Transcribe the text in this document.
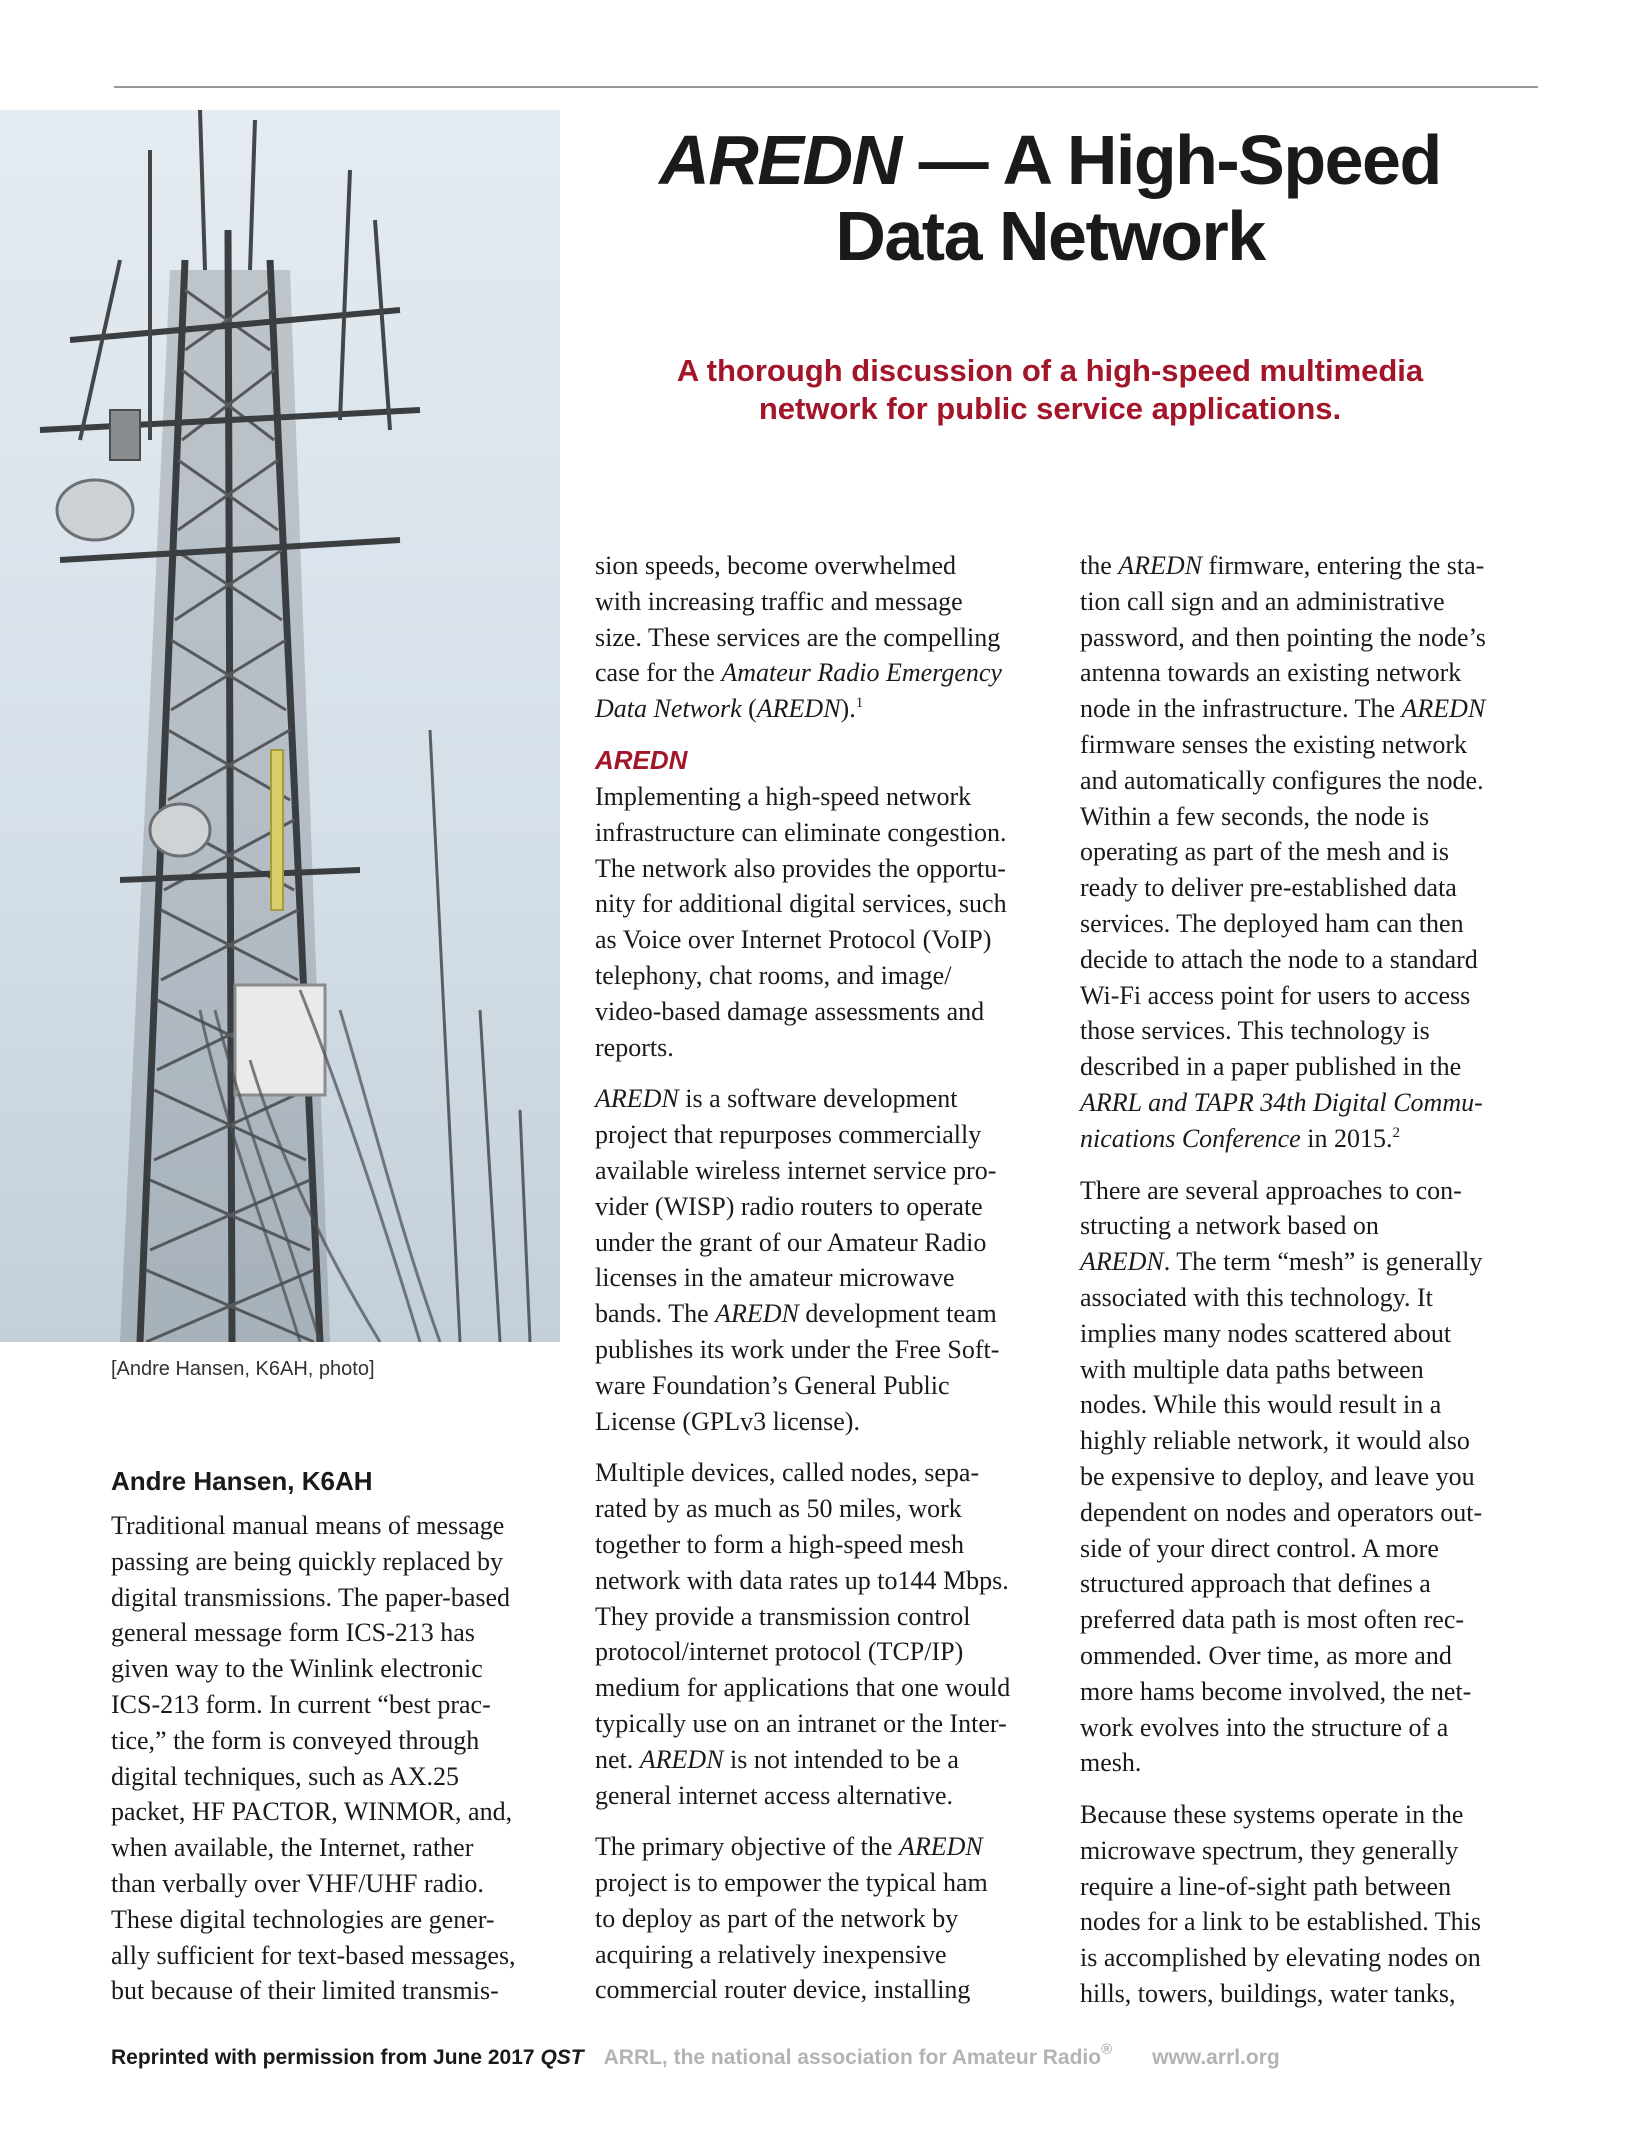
[Andre Hansen, K6AH, photo]
AREDN — A High-Speed
Data Network

A thorough discussion of a high-speed multimedia
network for public service applications.

Andre Hansen, K6AH

Traditional manual means of message
passing are being quickly replaced by
digital transmissions. The paper-based
general message form ICS-213 has
given way to the Winlink electronic
ICS-213 form. In current “best prac-
tice,” the form is conveyed through
digital techniques, such as AX.25
packet, HF PACTOR, WINMOR, and,
when available, the Internet, rather
than verbally over VHF/UHF radio.
These digital technologies are gener-
ally sufficient for text-based messages,
but because of their limited transmis-

sion speeds, become overwhelmed
with increasing traffic and message
size. These services are the compelling
case for the Amateur Radio Emergency
Data Network (AREDN).$^1$

AREDN

Implementing a high-speed network
infrastructure can eliminate congestion.
The network also provides the opportu-
nity for additional digital services, such
as Voice over Internet Protocol (VoIP)
telephony, chat rooms, and image/
video-based damage assessments and
reports.

AREDN is a software development
project that repurposes commercially
available wireless internet service pro-
vider (WISP) radio routers to operate
under the grant of our Amateur Radio
licenses in the amateur microwave
bands. The AREDN development team
publishes its work under the Free Soft-
ware Foundation’s General Public
License (GPLv3 license).

Multiple devices, called nodes, sepa-
rated by as much as 50 miles, work
together to form a high-speed mesh
network with data rates up to144 Mbps.
They provide a transmission control
protocol/internet protocol (TCP/IP)
medium for applications that one would
typically use on an intranet or the Inter-
net. AREDN is not intended to be a
general internet access alternative.

The primary objective of the AREDN
project is to empower the typical ham
to deploy as part of the network by
acquiring a relatively inexpensive
commercial router device, installing

the AREDN firmware, entering the sta-
tion call sign and an administrative
password, and then pointing the node’s
antenna towards an existing network
node in the infrastructure. The AREDN
firmware senses the existing network
and automatically configures the node.
Within a few seconds, the node is
operating as part of the mesh and is
ready to deliver pre-established data
services. The deployed ham can then
decide to attach the node to a standard
Wi-Fi access point for users to access
those services. This technology is
described in a paper published in the
ARRL and TAPR 34th Digital Commu-
nications Conference in 2015.$^2$

There are several approaches to con-
structing a network based on
AREDN. The term “mesh” is generally
associated with this technology. It
implies many nodes scattered about
with multiple data paths between
nodes. While this would result in a
highly reliable network, it would also
be expensive to deploy, and leave you
dependent on nodes and operators out-
side of your direct control. A more
structured approach that defines a
preferred data path is most often rec-
ommended. Over time, as more and
more hams become involved, the net-
work evolves into the structure of a
mesh.

Because these systems operate in the
microwave spectrum, they generally
require a line-of-sight path between
nodes for a link to be established. This
is accomplished by elevating nodes on
hills, towers, buildings, water tanks,

Reprinted with permission from June 2017 QST ARRL, the national association for Amateur Radio® www.arrl.org
